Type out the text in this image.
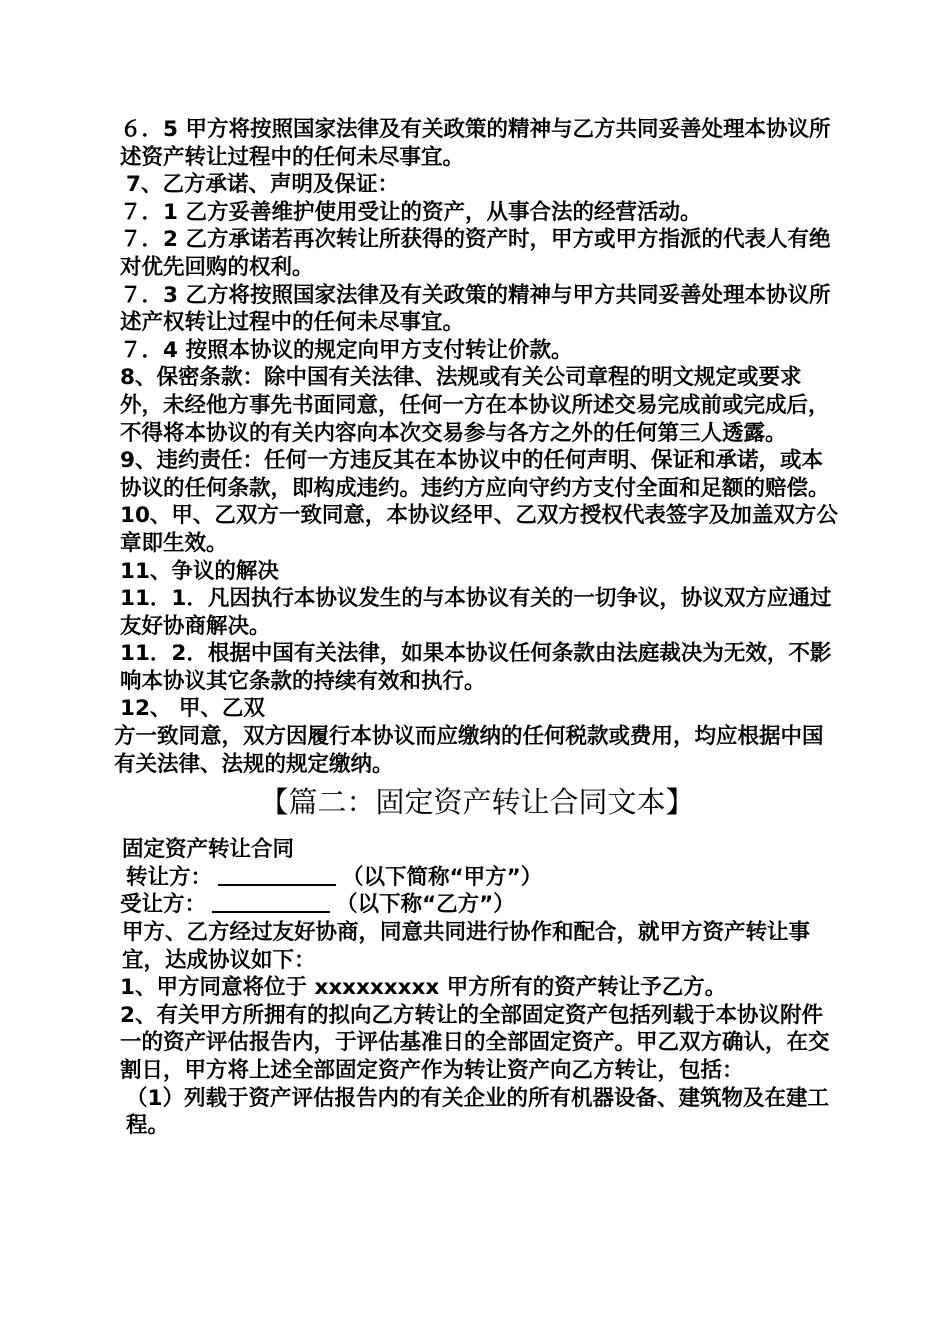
６．5 甲方将按照国家法律及有关政策的精神与乙方共同妥善处理本协议所述资产转让过程中的任何未尽事宜。

7、乙方承诺、声明及保证：

７．1 乙方妥善维护使用受让的资产，从事合法的经营活动。

７．2 乙方承诺若再次转让所获得的资产时，甲方或甲方指派的代表人有绝对优先回购的权利。

７．3 乙方将按照国家法律及有关政策的精神与甲方共同妥善处理本协议所述产权转让过程中的任何未尽事宜。

７．4 按照本协议的规定向甲方支付转让价款。

8、保密条款：除中国有关法律、法规或有关公司章程的明文规定或要求外，未经他方事先书面同意，任何一方在本协议所述交易完成前或完成后，不得将本协议的有关内容向本次交易参与各方之外的任何第三人透露。

9、违约责任：任何一方违反其在本协议中的任何声明、保证和承诺，或本协议的任何条款，即构成违约。违约方应向守约方支付全面和足额的赔偿。

10、甲、乙双方一致同意，本协议经甲、乙双方授权代表签字及加盖双方公章即生效。

11、争议的解决

11．1．凡因执行本协议发生的与本协议有关的一切争议，协议双方应通过友好协商解决。

11．2．根据中国有关法律，如果本协议任何条款由法庭裁决为无效，不影响本协议其它条款的持续有效和执行。

12、 甲、乙双

方一致同意，双方因履行本协议而应缴纳的任何税款或费用，均应根据中国有关法律、法规的规定缴纳。

【篇二：固定资产转让合同文本】

固定资产转让合同

转让方：	（以下简称“甲方”）

受让方：	（以下称“乙方”）

甲方、乙方经过友好协商，同意共同进行协作和配合，就甲方资产转让事宜，达成协议如下：

1、甲方同意将位于 xxxxxxxxx 甲方所有的资产转让予乙方。

2、有关甲方所拥有的拟向乙方转让的全部固定资产包括列载于本协议附件一的资产评估报告内，于评估基准日的全部固定资产。甲乙双方确认，在交割日，甲方将上述全部固定资产作为转让资产向乙方转让，包括：

（1）列载于资产评估报告内的有关企业的所有机器设备、建筑物及在建工程。
